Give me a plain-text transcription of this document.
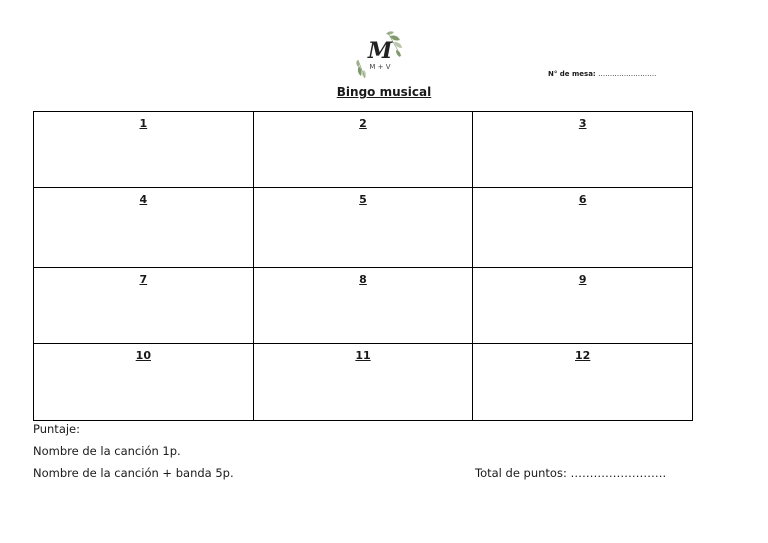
M
M + V
N° de mesa: …………………….
Bingo musical
1	2	3
4	5	6
7	8	9
10	11	12
Puntaje:
Nombre de la canción 1p.
Nombre de la canción + banda 5p.	Total de puntos: …………………….
